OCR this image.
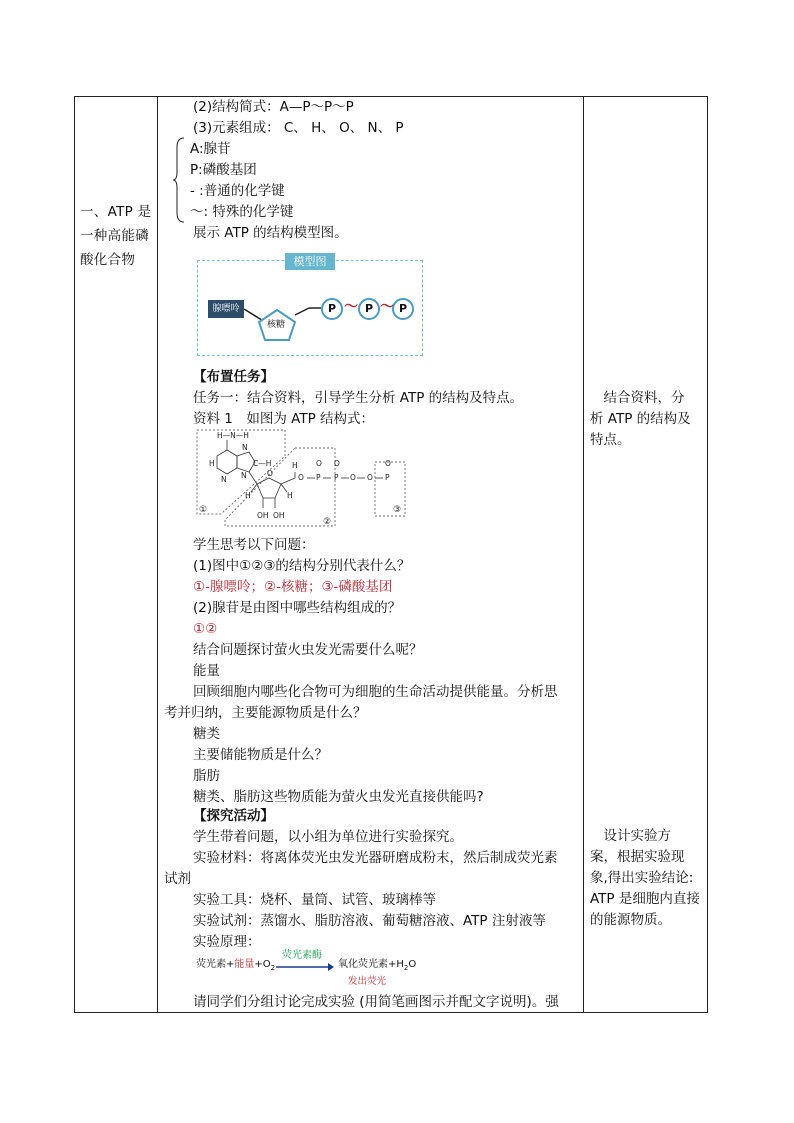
一、ATP 是一种高能磷酸化合物
(2)结构简式：A—P～P～P
(3)元素组成： C、 H、 O、 N、 P
A:腺苷
P:磷酸基团
- :普通的化学键
～: 特殊的化学键
展示 ATP 的结构模型图。
模型图
腺嘌呤
核糖
P ～ P ～ P
【布置任务】
任务一：结合资料，引导学生分析 ATP 的结构及特点。
资料 1　如图为 ATP 结构式：
H—N—H
H
N
C—H
N
N
O
H
O P P O O P
O O	O
H	H
OH OH
①
②
③
学生思考以下问题：
(1)图中①②③的结构分别代表什么？
①-腺嘌呤；②-核糖；③-磷酸基团
(2)腺苷是由图中哪些结构组成的？
①②
结合问题探讨萤火虫发光需要什么呢？
能量
回顾细胞内哪些化合物可为细胞的生命活动提供能量。分析思
考并归纳，主要能源物质是什么？
糖类
主要储能物质是什么？
脂肪
糖类、脂肪这些物质能为萤火虫发光直接供能吗?
【探究活动】
学生带着问题，以小组为单位进行实验探究。
实验材料：将离体荧光虫发光器研磨成粉末，然后制成荧光素
试剂
实验工具：烧杯、量筒、试管、玻璃棒等
实验试剂：蒸馏水、脂肪溶液、葡萄糖溶液、ATP 注射液等
实验原理：
荧光素+能量$+O_2$
荧光素酶
氧化荧光素$+H_2O$
发出荧光
请同学们分组讨论完成实验 (用简笔画图示并配文字说明)。强
　结合资料，分
析 ATP 的结构及
特点。
　设计实验方
案，根据实验现
象,得出实验结论:
ATP 是细胞内直接
的能源物质。
